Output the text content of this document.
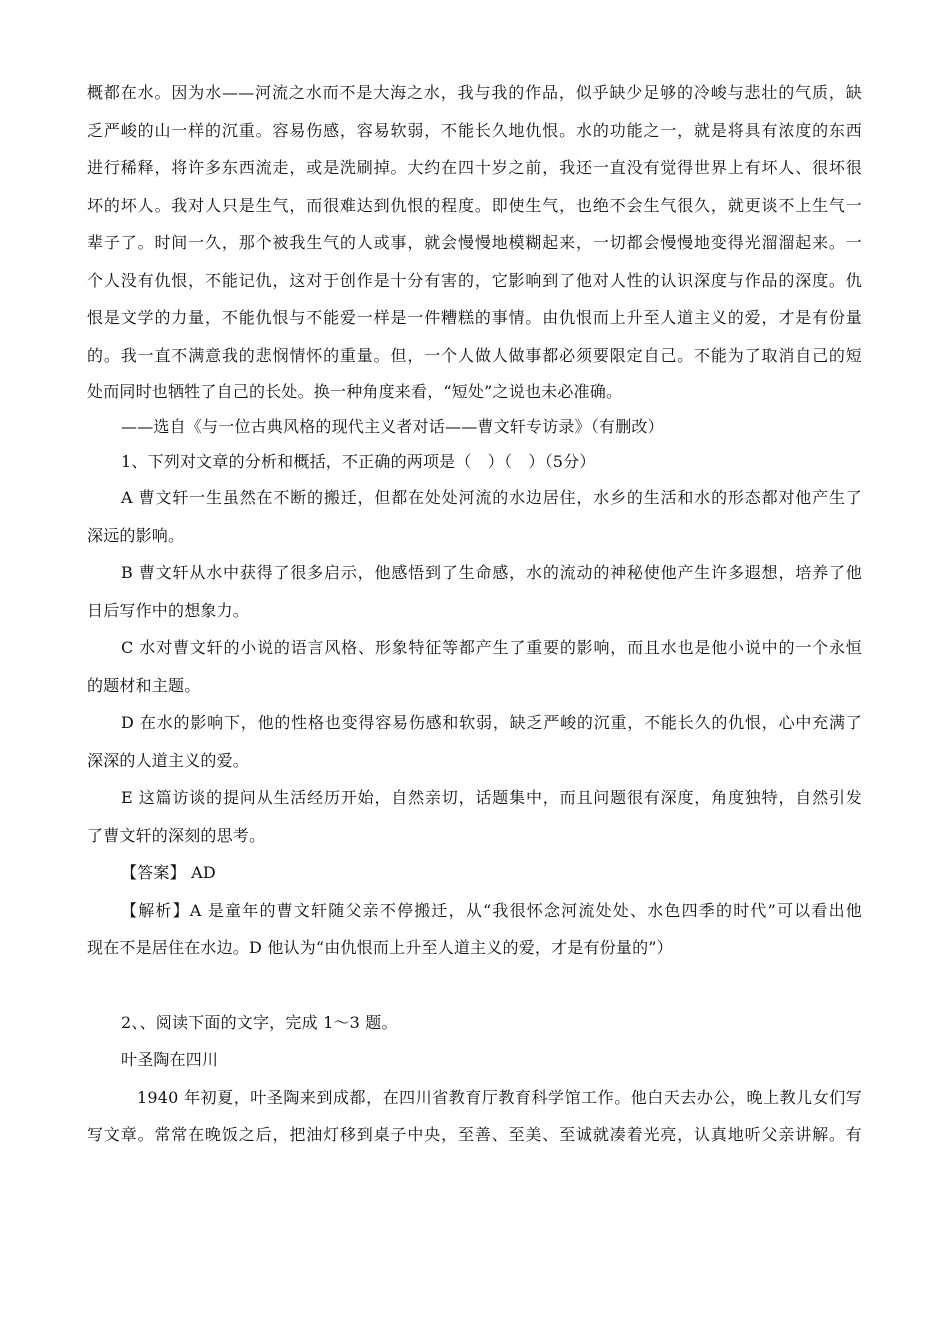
概都在水。因为水——河流之水而不是大海之水，我与我的作品，似乎缺少足够的冷峻与悲壮的气质，缺
乏严峻的山一样的沉重。容易伤感，容易软弱，不能长久地仇恨。水的功能之一，就是将具有浓度的东西
进行稀释，将许多东西流走，或是洗刷掉。大约在四十岁之前，我还一直没有觉得世界上有坏人、很坏很
坏的坏人。我对人只是生气，而很难达到仇恨的程度。即使生气，也绝不会生气很久，就更谈不上生气一
辈子了。时间一久，那个被我生气的人或事，就会慢慢地模糊起来，一切都会慢慢地变得光溜溜起来。一
个人没有仇恨，不能记仇，这对于创作是十分有害的，它影响到了他对人性的认识深度与作品的深度。仇
恨是文学的力量，不能仇恨与不能爱一样是一件糟糕的事情。由仇恨而上升至人道主义的爱，才是有份量
的。我一直不满意我的悲悯情怀的重量。但，一个人做人做事都必须要限定自己。不能为了取消自己的短
处而同时也牺牲了自己的长处。换一种角度来看，“短处”之说也未必准确。
——选自《与一位古典风格的现代主义者对话——曹文轩专访录》（有删改）
1、下列对文章的分析和概括，不正确的两项是（　）（　）（5分）
A 曹文轩一生虽然在不断的搬迁，但都在处处河流的水边居住，水乡的生活和水的形态都对他产生了
深远的影响。
B 曹文轩从水中获得了很多启示，他感悟到了生命感，水的流动的神秘使他产生许多遐想，培养了他
日后写作中的想象力。
C 水对曹文轩的小说的语言风格、形象特征等都产生了重要的影响，而且水也是他小说中的一个永恒
的题材和主题。
D 在水的影响下，他的性格也变得容易伤感和软弱，缺乏严峻的沉重，不能长久的仇恨，心中充满了
深深的人道主义的爱。
E 这篇访谈的提问从生活经历开始，自然亲切，话题集中，而且问题很有深度，角度独特，自然引发
了曹文轩的深刻的思考。
【答案】 AD
【解析】A 是童年的曹文轩随父亲不停搬迁，从“我很怀念河流处处、水色四季的时代”可以看出他
现在不是居住在水边。D 他认为“由仇恨而上升至人道主义的爱，才是有份量的”）
2、、阅读下面的文字，完成 1～3 题。
叶圣陶在四川
1940 年初夏，叶圣陶来到成都，在四川省教育厅教育科学馆工作。他白天去办公，晚上教儿女们写
写文章。常常在晚饭之后，把油灯移到桌子中央，至善、至美、至诚就凑着光亮，认真地听父亲讲解。有
